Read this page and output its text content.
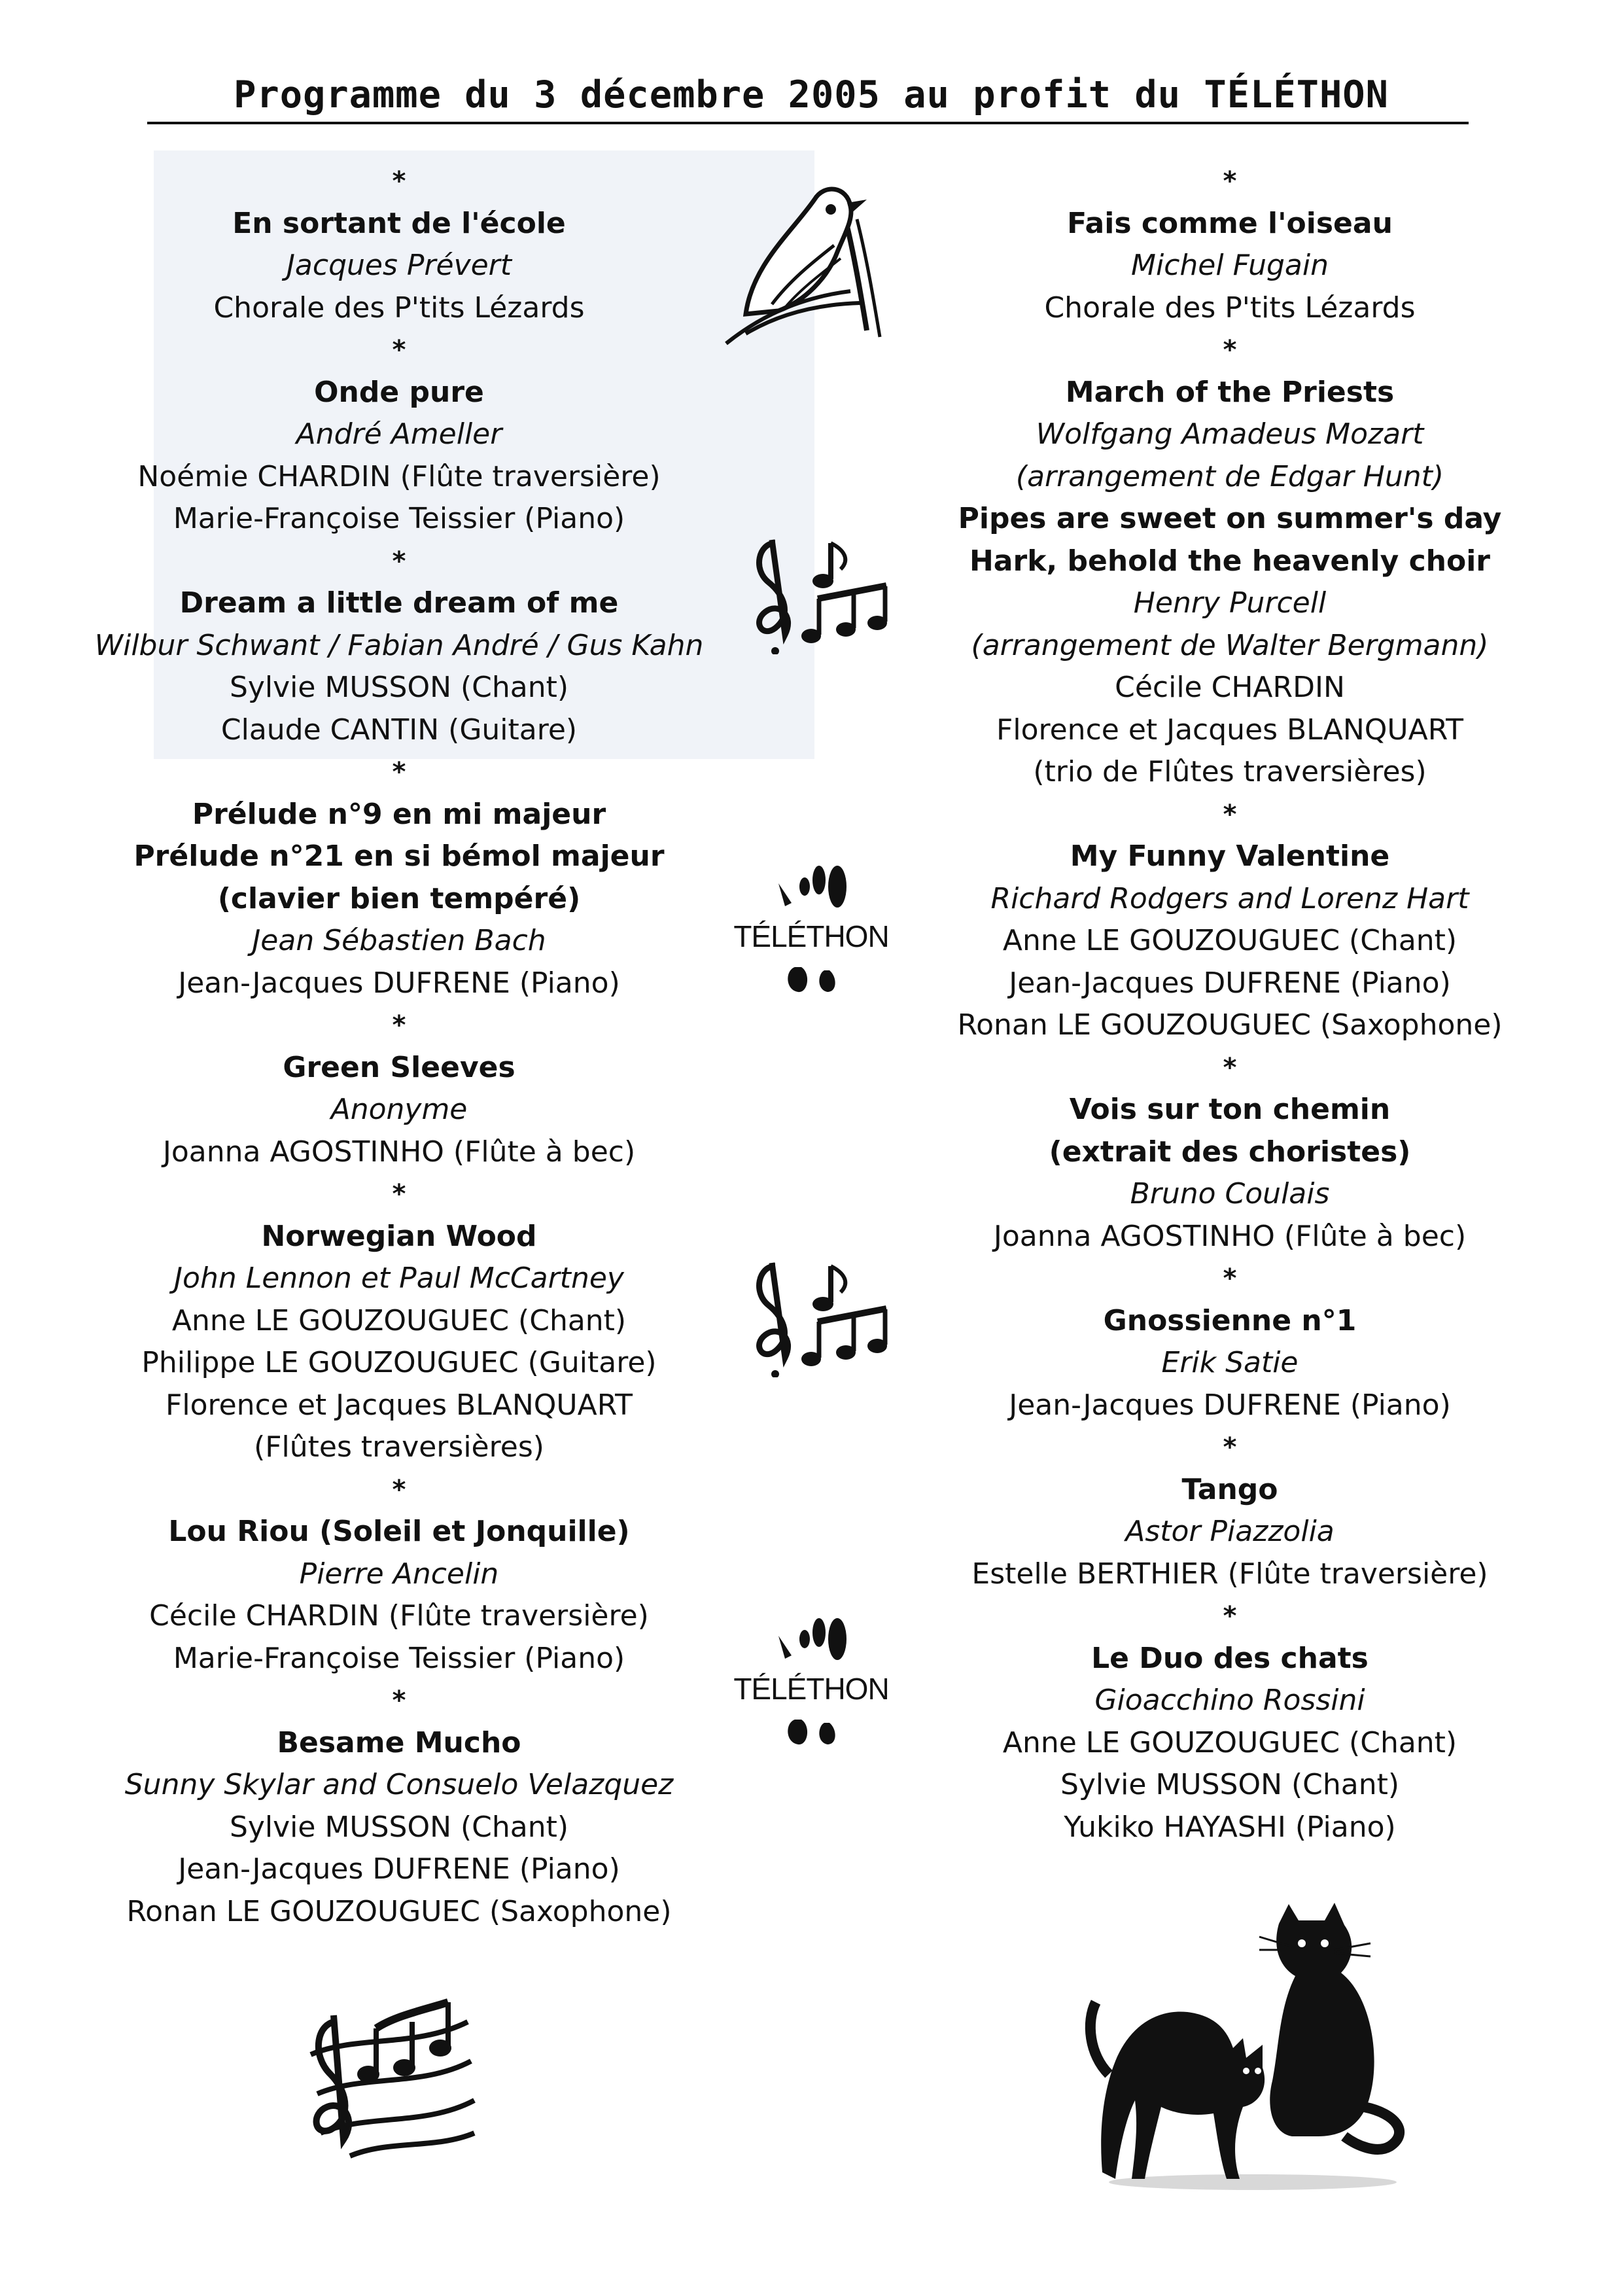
Programme du 3 décembre 2005 au profit du TÉLÉTHON
*
En sortant de l'école
Jacques Prévert
Chorale des P'tits Lézards
*
Onde pure
André Ameller
Noémie CHARDIN (Flûte traversière)
Marie-Françoise Teissier (Piano)
*
Dream a little dream of me
Wilbur Schwant / Fabian André / Gus Kahn
Sylvie MUSSON (Chant)
Claude CANTIN (Guitare)
*
Prélude n°9 en mi majeur
Prélude n°21 en si bémol majeur
(clavier bien tempéré)
Jean Sébastien Bach
Jean-Jacques DUFRENE (Piano)
*
Green Sleeves
Anonyme
Joanna AGOSTINHO (Flûte à bec)
*
Norwegian Wood
John Lennon et Paul McCartney
Anne LE GOUZOUGUEC (Chant)
Philippe LE GOUZOUGUEC (Guitare)
Florence et Jacques BLANQUART
(Flûtes traversières)
*
Lou Riou (Soleil et Jonquille)
Pierre Ancelin
Cécile CHARDIN (Flûte traversière)
Marie-Françoise Teissier (Piano)
*
Besame Mucho
Sunny Skylar and Consuelo Velazquez
Sylvie MUSSON (Chant)
Jean-Jacques DUFRENE (Piano)
Ronan LE GOUZOUGUEC (Saxophone)
*
Fais comme l'oiseau
Michel Fugain
Chorale des P'tits Lézards
*
March of the Priests
Wolfgang Amadeus Mozart
(arrangement de Edgar Hunt)
Pipes are sweet on summer's day
Hark, behold the heavenly choir
Henry Purcell
(arrangement de Walter Bergmann)
Cécile CHARDIN
Florence et Jacques BLANQUART
(trio de Flûtes traversières)
*
My Funny Valentine
Richard Rodgers and Lorenz Hart
Anne LE GOUZOUGUEC (Chant)
Jean-Jacques DUFRENE (Piano)
Ronan LE GOUZOUGUEC (Saxophone)
*
Vois sur ton chemin
(extrait des choristes)
Bruno Coulais
Joanna AGOSTINHO (Flûte à bec)
*
Gnossienne n°1
Erik Satie
Jean-Jacques DUFRENE (Piano)
*
Tango
Astor Piazzolia
Estelle BERTHIER (Flûte traversière)
*
Le Duo des chats
Gioacchino Rossini
Anne LE GOUZOUGUEC (Chant)
Sylvie MUSSON (Chant)
Yukiko HAYASHI (Piano)
TÉLÉTHON
TÉLÉTHON
